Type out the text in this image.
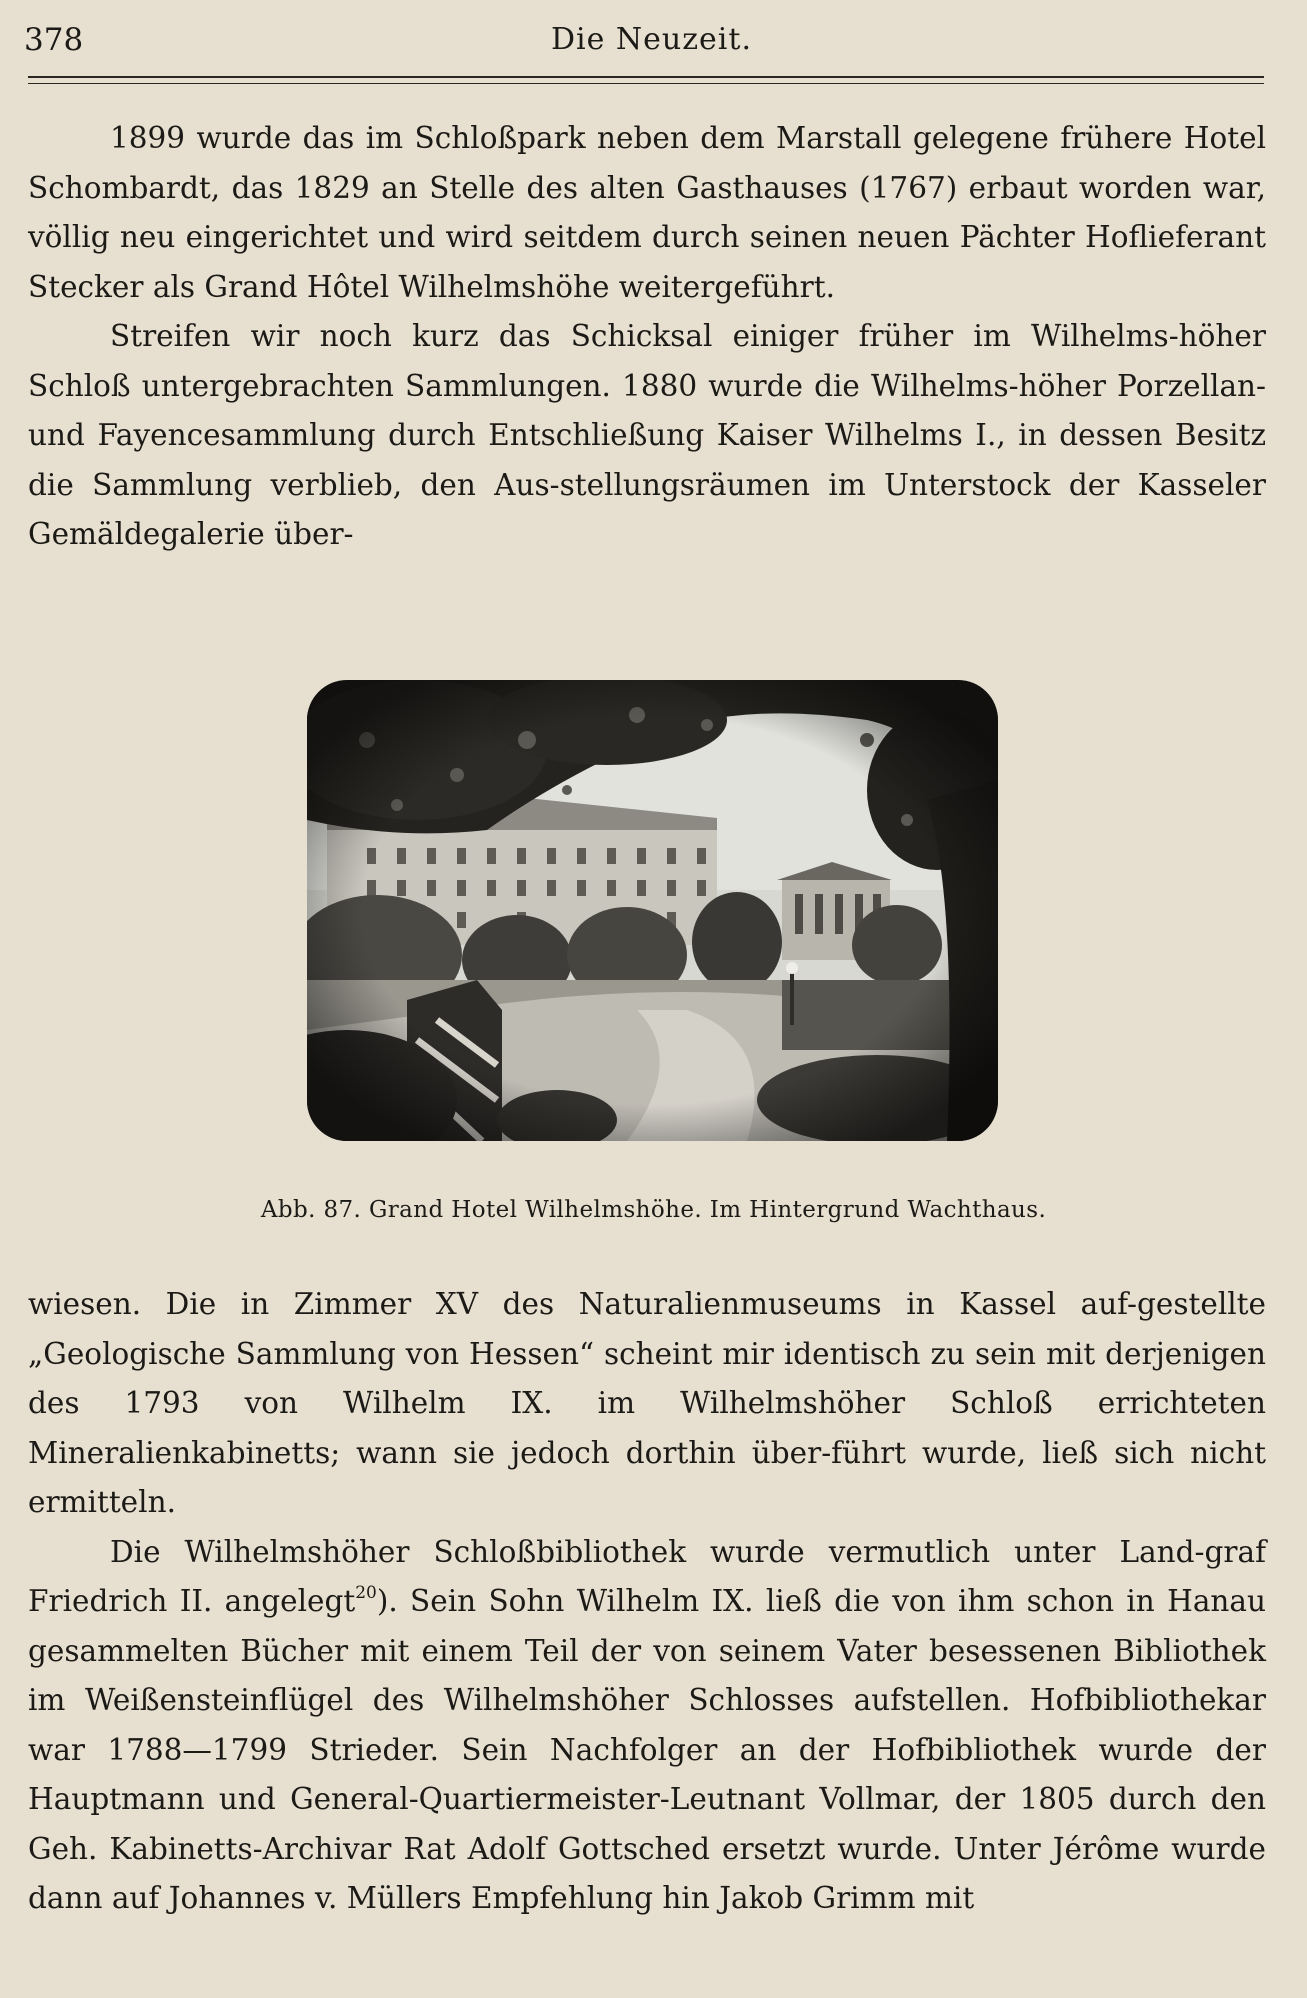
378	Die Neuzeit.

1899 wurde das im Schloßpark neben dem Marstall gelegene frühere Hotel Schombardt, das 1829 an Stelle des alten Gasthauses (1767) erbaut worden war, völlig neu eingerichtet und wird seitdem durch seinen neuen Pächter Hoflieferant Stecker als Grand Hôtel Wilhelmshöhe weitergeführt.

Streifen wir noch kurz das Schicksal einiger früher im Wilhelms-höher Schloß untergebrachten Sammlungen. 1880 wurde die Wilhelms-höher Porzellan- und Fayencesammlung durch Entschließung Kaiser Wilhelms I., in dessen Besitz die Sammlung verblieb, den Aus-stellungsräumen im Unterstock der Kasseler Gemäldegalerie über-

Abb. 87. Grand Hotel Wilhelmshöhe. Im Hintergrund Wachthaus.

wiesen. Die in Zimmer XV des Naturalienmuseums in Kassel auf-gestellte „Geologische Sammlung von Hessen“ scheint mir identisch zu sein mit derjenigen des 1793 von Wilhelm IX. im Wilhelmshöher Schloß errichteten Mineralienkabinetts; wann sie jedoch dorthin über-führt wurde, ließ sich nicht ermitteln.

Die Wilhelmshöher Schloßbibliothek wurde vermutlich unter Land-graf Friedrich II. angelegt$^{20}$). Sein Sohn Wilhelm IX. ließ die von ihm schon in Hanau gesammelten Bücher mit einem Teil der von seinem Vater besessenen Bibliothek im Weißensteinflügel des Wilhelmshöher Schlosses aufstellen. Hofbibliothekar war 1788—1799 Strieder. Sein Nachfolger an der Hofbibliothek wurde der Hauptmann und General-Quartiermeister-Leutnant Vollmar, der 1805 durch den Geh. Kabinetts-Archivar Rat Adolf Gottsched ersetzt wurde. Unter Jérôme wurde dann auf Johannes v. Müllers Empfehlung hin Jakob Grimm mit
